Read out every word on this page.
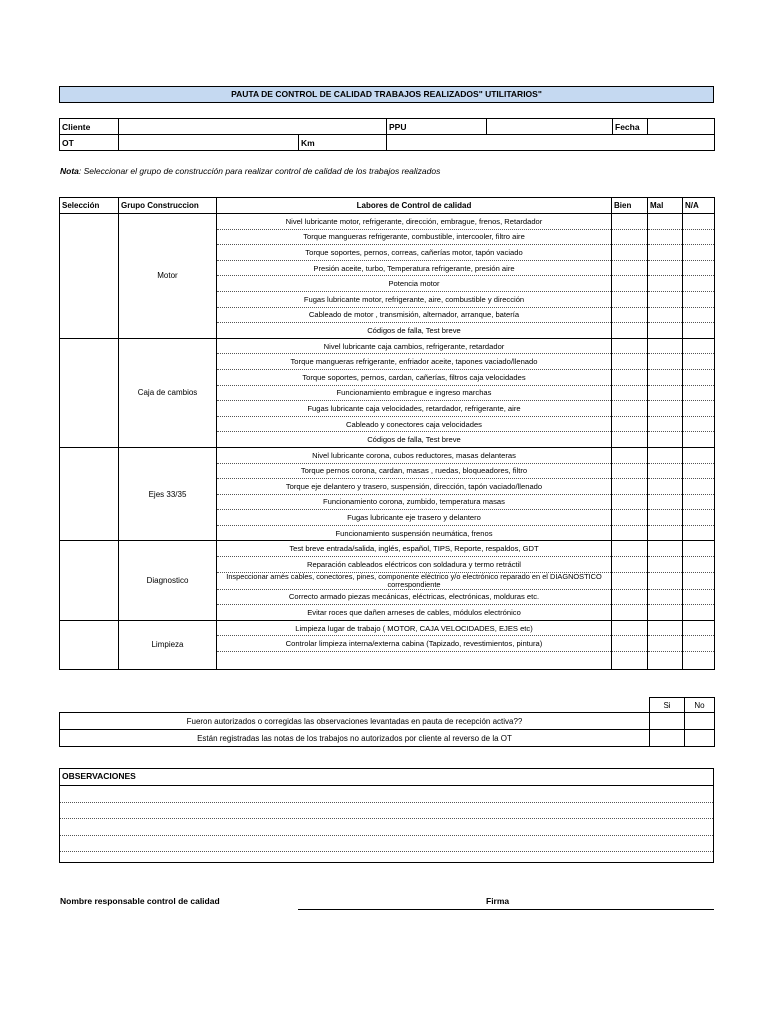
PAUTA DE CONTROL DE CALIDAD TRABAJOS REALIZADOS" UTILITARIOS"
Cliente			PPU		Fecha	
OT		Km				
Nota: Seleccionar el grupo de construcción para realizar control de calidad de los trabajos realizados
Selección	Grupo Construccion	Labores de Control de calidad	Bien	Mal	N/A
	Motor	Nivel lubricante motor, refrigerante, dirección, embrague, frenos, Retardador			
		Torque mangueras refrigerante, combustible, intercooler, filtro aire			
		Torque soportes, pernos, correas, cañerías motor, tapón vaciado			
		Presión aceite, turbo, Temperatura refrigerante, presión aire			
		Potencia motor			
		Fugas lubricante motor, refrigerante, aire, combustible y dirección			
		Cableado de motor , transmisión, alternador, arranque, batería			
		Códigos de falla, Test breve			
	Caja de cambios	Nivel lubricante caja cambios, refrigerante, retardador			
		Torque mangueras refrigerante, enfriador aceite, tapones vaciado/llenado			
		Torque soportes, pernos, cardan, cañerías, filtros caja velocidades			
		Funcionamiento embrague e ingreso marchas			
		Fugas lubricante caja velocidades, retardador, refrigerante, aire			
		Cableado y conectores caja velocidades			
		Códigos de falla, Test breve			
	Ejes 33/35	Nivel lubricante corona, cubos reductores, masas delanteras			
		Torque pernos corona, cardan, masas , ruedas, bloqueadores, filtro			
		Torque eje delantero y trasero, suspensión, dirección, tapón vaciado/llenado			
		Funcionamiento corona, zumbido, temperatura masas			
		Fugas lubricante eje trasero y delantero			
		Funcionamiento suspensión neumática, frenos			
	Diagnostico	Test breve entrada/salida, inglés, español, TIPS, Reporte, respaldos, GDT			
		Reparación cableados eléctricos con soldadura y termo retráctil			
		Inspeccionar arnés cables, conectores, pines, componente eléctrico y/o electrónico reparado en el DIAGNOSTICO correspondiente			
		Correcto armado piezas mecánicas, eléctricas, electrónicas, molduras etc.			
		Evitar roces que dañen arneses de cables, módulos electrónico			
	Limpieza	Limpieza lugar de trabajo ( MOTOR, CAJA VELOCIDADES, EJES etc)			
		Controlar limpieza interna/externa cabina (Tapizado, revestimientos, pintura)			

	Si	No
Fueron autorizados o corregidas las observaciones levantadas en pauta de recepción activa??		
Están registradas las notas de los trabajos no autorizados por cliente al reverso de la OT		
OBSERVACIONES
Nombre responsable control de calidad	Firma
